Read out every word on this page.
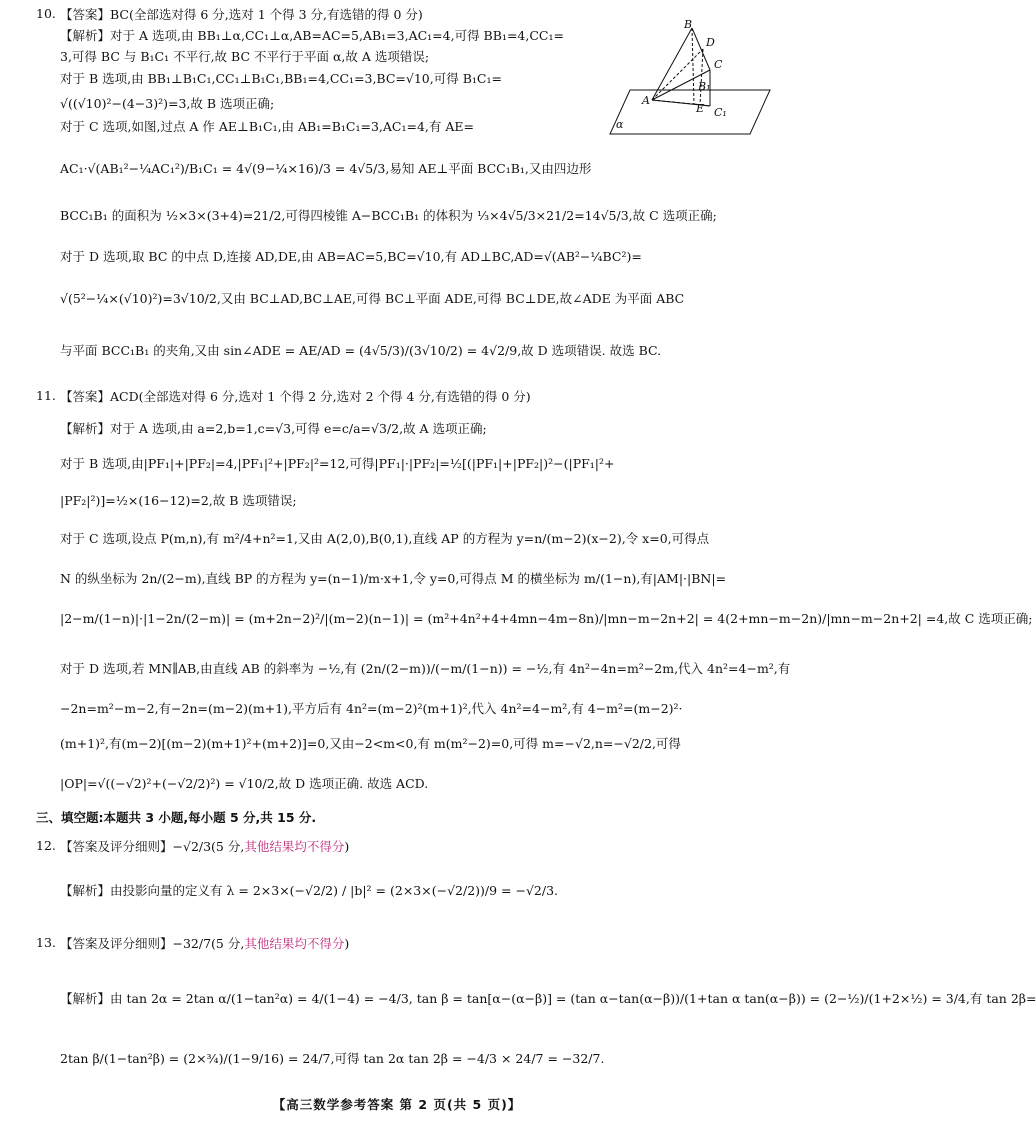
10. 【答案】BC(全部选对得 6 分,选对 1 个得 3 分,有选错的得 0 分)
【解析】对于 A 选项,由 BB₁⊥α,CC₁⊥α,AB=AC=5,AB₁=3,AC₁=4,可得 BB₁=4,CC₁=
3,可得 BC 与 B₁C₁ 不平行,故 BC 不平行于平面 α,故 A 选项错误;
对于 B 选项,由 BB₁⊥B₁C₁,CC₁⊥B₁C₁,BB₁=4,CC₁=3,BC=√10,可得 B₁C₁=
√((√10)²−(4−3)²)=3,故 B 选项正确;
对于 C 选项,如图,过点 A 作 AE⊥B₁C₁,由 AB₁=B₁C₁=3,AC₁=4,有 AE=
AC₁·√(AB₁²−¼AC₁²)/B₁C₁ = 4√(9−¼×16)/3 = 4√5/3,易知 AE⊥平面 BCC₁B₁,又由四边形
BCC₁B₁ 的面积为 ½×3×(3+4)=21/2,可得四棱锥 A−BCC₁B₁ 的体积为 ⅓×4√5/3×21/2=14√5/3,故 C 选项正确;
对于 D 选项,取 BC 的中点 D,连接 AD,DE,由 AB=AC=5,BC=√10,有 AD⊥BC,AD=√(AB²−¼BC²)=
√(5²−¼×(√10)²)=3√10/2,又由 BC⊥AD,BC⊥AE,可得 BC⊥平面 ADE,可得 BC⊥DE,故∠ADE 为平面 ABC
与平面 BCC₁B₁ 的夹角,又由 sin∠ADE = AE/AD = (4√5/3)/(3√10/2) = 4√2/9,故 D 选项错误. 故选 BC.
B
D
C
A
E
B₁
C₁
α
11. 【答案】ACD(全部选对得 6 分,选对 1 个得 2 分,选对 2 个得 4 分,有选错的得 0 分)
【解析】对于 A 选项,由 a=2,b=1,c=√3,可得 e=c/a=√3/2,故 A 选项正确;
对于 B 选项,由|PF₁|+|PF₂|=4,|PF₁|²+|PF₂|²=12,可得|PF₁|·|PF₂|=½[(|PF₁|+|PF₂|)²−(|PF₁|²+
|PF₂|²)]=½×(16−12)=2,故 B 选项错误;
对于 C 选项,设点 P(m,n),有 m²/4+n²=1,又由 A(2,0),B(0,1),直线 AP 的方程为 y=n/(m−2)(x−2),令 x=0,可得点
N 的纵坐标为 2n/(2−m),直线 BP 的方程为 y=(n−1)/m·x+1,令 y=0,可得点 M 的横坐标为 m/(1−n),有|AM|·|BN|=
|2−m/(1−n)|·|1−2n/(2−m)| = (m+2n−2)²/|(m−2)(n−1)| = (m²+4n²+4+4mn−4m−8n)/|mn−m−2n+2| = 4(2+mn−m−2n)/|mn−m−2n+2| =4,故 C 选项正确;
对于 D 选项,若 MN∥AB,由直线 AB 的斜率为 −½,有 (2n/(2−m))/(−m/(1−n)) = −½,有 4n²−4n=m²−2m,代入 4n²=4−m²,有
−2n=m²−m−2,有−2n=(m−2)(m+1),平方后有 4n²=(m−2)²(m+1)²,代入 4n²=4−m²,有 4−m²=(m−2)²·
(m+1)²,有(m−2)[(m−2)(m+1)²+(m+2)]=0,又由−2<m<0,有 m(m²−2)=0,可得 m=−√2,n=−√2/2,可得
|OP|=√((−√2)²+(−√2/2)²) = √10/2,故 D 选项正确. 故选 ACD.
三、填空题:本题共 3 小题,每小题 5 分,共 15 分.
12. 【答案及评分细则】−√2/3(5 分,其他结果均不得分)
【解析】由投影向量的定义有 λ = 2×3×(−√2/2) / |b|² = (2×3×(−√2/2))/9 = −√2/3.
13. 【答案及评分细则】−32/7(5 分,其他结果均不得分)
【解析】由 tan 2α = 2tan α/(1−tan²α) = 4/(1−4) = −4/3, tan β = tan[α−(α−β)] = (tan α−tan(α−β))/(1+tan α tan(α−β)) = (2−½)/(1+2×½) = 3/4,有 tan 2β=
2tan β/(1−tan²β) = (2×¾)/(1−9/16) = 24/7,可得 tan 2α tan 2β = −4/3 × 24/7 = −32/7.
【高三数学参考答案 第 2 页(共 5 页)】
